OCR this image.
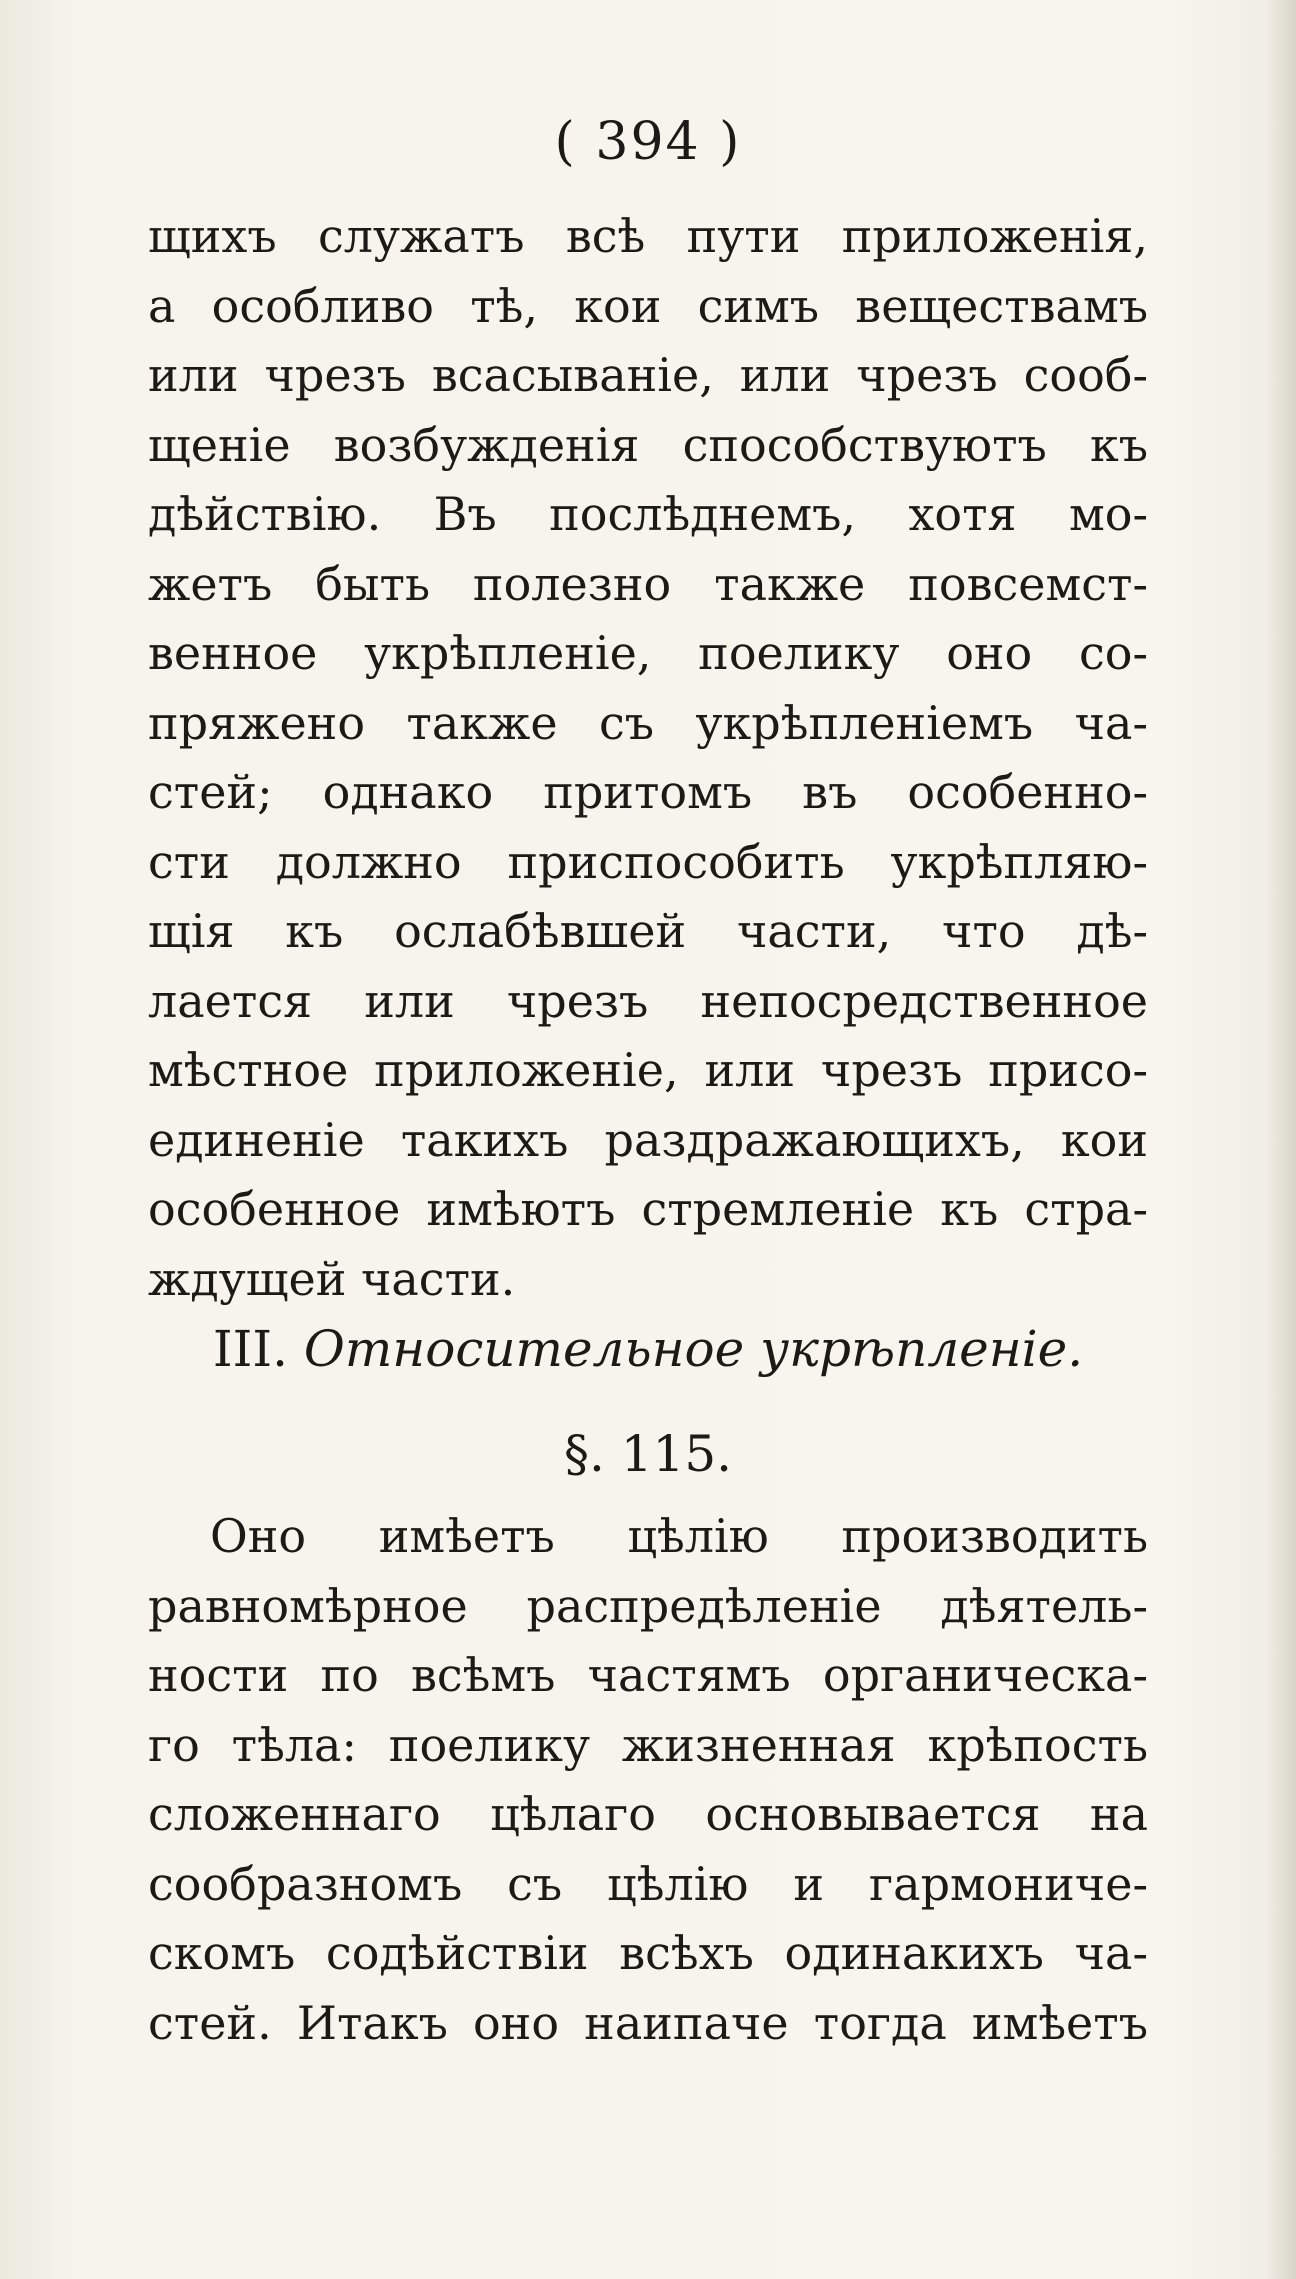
( 394 )
щихъ служатъ всѣ пути приложенія,
а особливо тѣ, кои симъ веществамъ
или чрезъ всасываніе, или чрезъ сооб-
щеніе возбужденія способствуютъ къ
дѣйствію. Въ послѣднемъ, хотя мо-
жетъ быть полезно также повсемст-
венное укрѣпленіе, поелику оно со-
пряжено также съ укрѣпленіемъ ча-
стей; однако притомъ въ особенно-
сти должно приспособить укрѣпляю-
щія къ ослабѣвшей части, что дѣ-
лается или чрезъ непосредственное
мѣстное приложеніе, или чрезъ присо-
единеніе такихъ раздражающихъ, кои
особенное имѣютъ стремленіе къ стра-
ждущей части.
III. Относительное укрѣпленіе.
§. 115.
Оно имѣетъ цѣлію производить
равномѣрное распредѣленіе дѣятель-
ности по всѣмъ частямъ органическа-
го тѣла: поелику жизненная крѣпость
сложеннаго цѣлаго основывается на
сообразномъ съ цѣлію и гармониче-
скомъ содѣйствіи всѣхъ одинакихъ ча-
стей. Итакъ оно наипаче тогда имѣетъ
